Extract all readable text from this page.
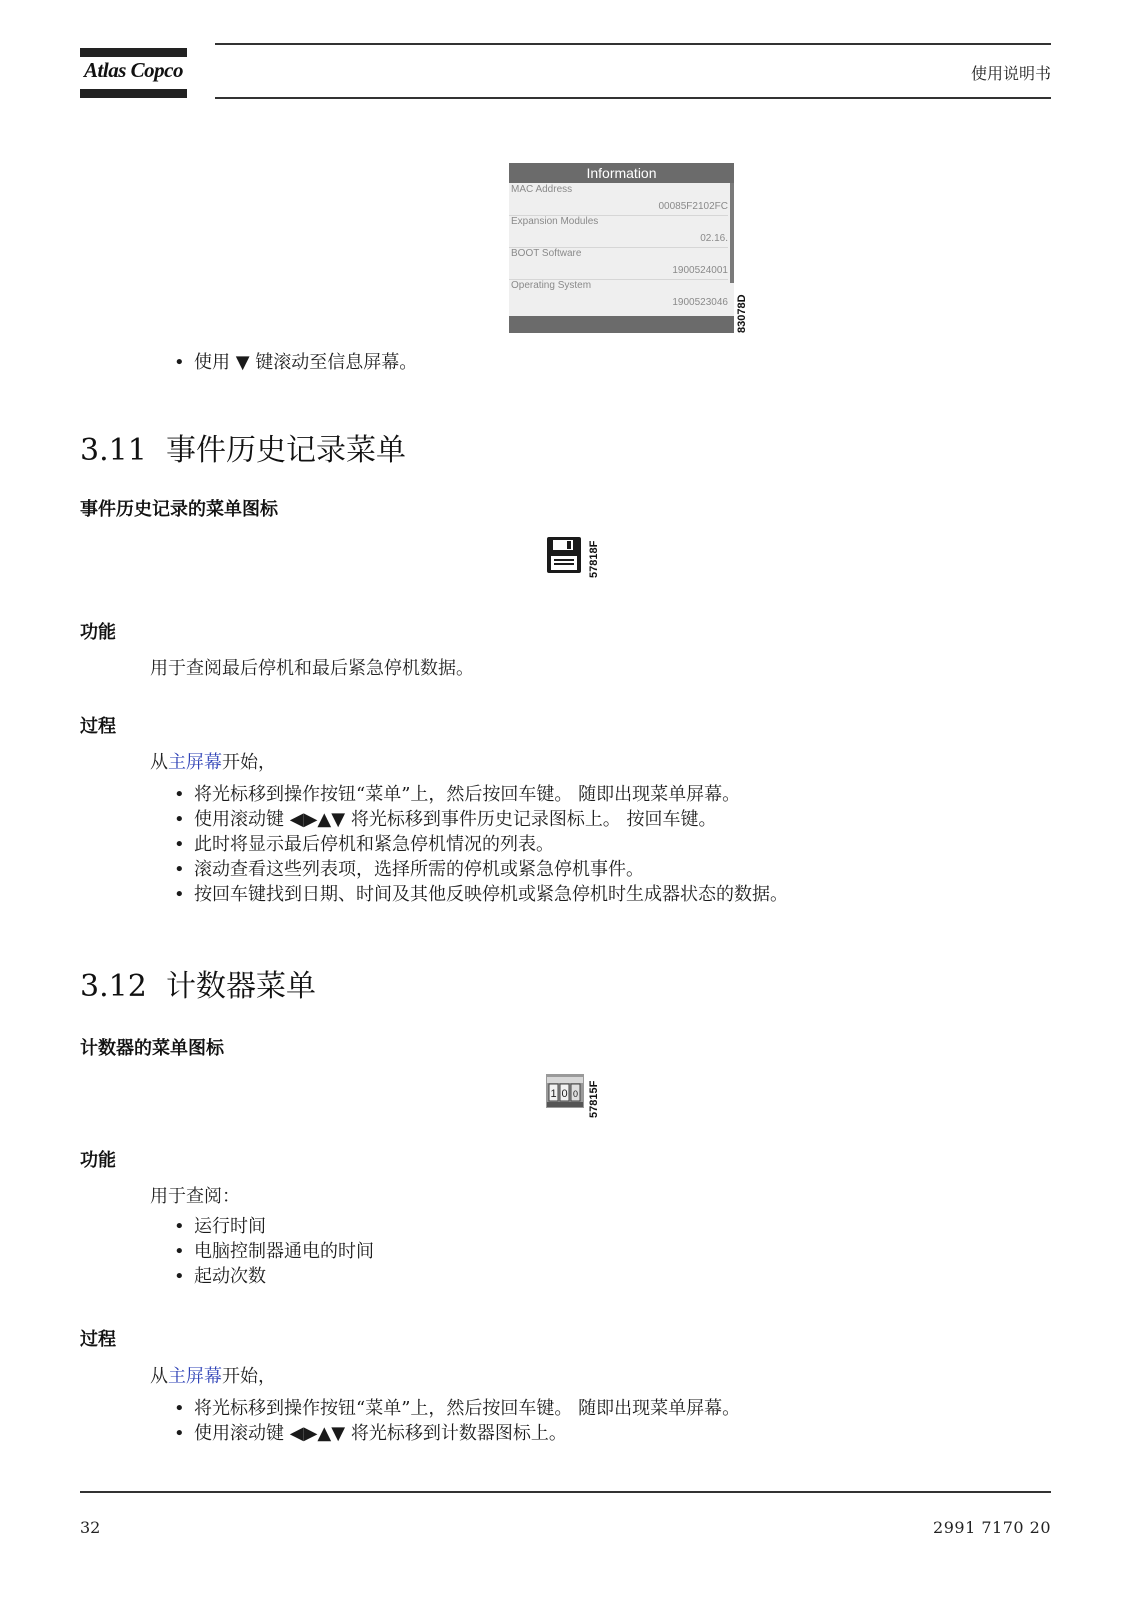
Atlas Copco	使用说明书
Information
MAC Address
00085F2102FC
Expansion Modules
02.16.
BOOT Software
1900524001
Operating System
1900523046 83078D
• 使用 ▼ 键滚动至信息屏幕。
3.11 事件历史记录菜单
事件历史记录的菜单图标
57818F
功能
用于查阅最后停机和最后紧急停机数据。
过程
从主屏幕开始，
• 将光标移到操作按钮“菜单”上，然后按回车键。 随即出现菜单屏幕。
• 使用滚动键 ◀▶▲▼ 将光标移到事件历史记录图标上。 按回车键。
• 此时将显示最后停机和紧急停机情况的列表。
• 滚动查看这些列表项，选择所需的停机或紧急停机事件。
• 按回车键找到日期、时间及其他反映停机或紧急停机时生成器状态的数据。
3.12 计数器菜单
计数器的菜单图标
1 0 0 57815F
功能
用于查阅：
• 运行时间
• 电脑控制器通电的时间
• 起动次数
过程
从主屏幕开始，
• 将光标移到操作按钮“菜单”上，然后按回车键。 随即出现菜单屏幕。
• 使用滚动键 ◀▶▲▼ 将光标移到计数器图标上。
32	2991 7170 20
